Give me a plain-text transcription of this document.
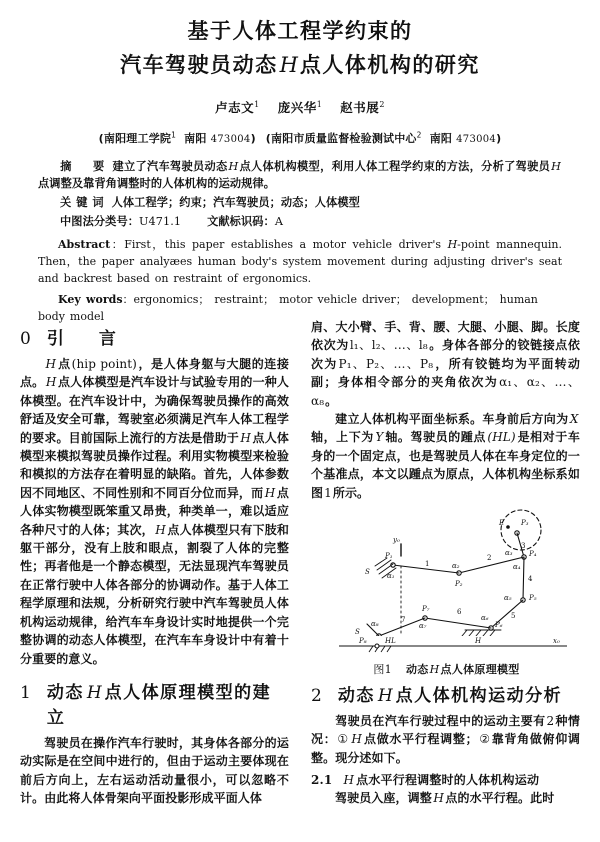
基于人体工程学约束的
汽车驾驶员动态H点人体机构的研究
卢志文$^1$ 庞兴华$^1$ 赵书展$^2$
(南阳理工学院$^1$ 南阳 473004) (南阳市质量监督检验测试中心$^2$ 南阳 473004)
摘　要 建立了汽车驾驶员动态H点人体机构模型，利用人体工程学约束的方法，分析了驾驶员H点调整及靠背角调整时的人体机构的运动规律。
关键词 人体工程学；约束；汽车驾驶员；动态；人体模型
中图法分类号：U471.1 文献标识码：A
Abstract：First，this paper establishes a motor vehicle driver's H-point mannequin. Then，the paper analyæes human body's system movement during adjusting driver's seat and backrest based on restraint of ergonomics.
Key words：ergonomics； restraint； motor vehicle driver； development； human body model
0 引　言

H 点(hip point)，是人体身躯与大腿的连接点。 H 点人体模型是汽车设计与试验专用的一种人体模型。在汽车设计中，为确保驾驶员操作的高效舒适及安全可靠，驾驶室必须满足汽车人体工程学的要求。目前国际上流行的方法是借助于 H 点人体模型来模拟驾驶员操作过程。利用实物模型来检验和模拟的方法存在着明显的缺陷。首先，人体参数因不同地区、不同性别和不同百分位而异，而 H 点人体实物模型既笨重又昂贵，种类单一，难以适应各种尺寸的人体；其次， H 点人体模型只有下肢和躯干部分，没有上肢和眼点，割裂了人体的完整性；再者他是一个静态模型，无法显现汽车驾驶员在正常行驶中人体各部分的协调动作。基于人体工程学原理和法规，分析研究行驶中汽车驾驶员人体机构运动规律，给汽车车身设计实时地提供一个完整协调的动态人体模型，在汽车车身设计中有着十分重要的意义。

1 动态 H 点人体原理模型的建立

驾驶员在操作汽车行驶时，其身体各部分的运动实际是在空间中进行的，但由于运动主要体现在前后方向上，左右运动活动量很小，可以忽略不计。由此将人体骨架向平面投影形成平面人体

肩、大小臂、手、背、腰、大腿、小腿、脚。长度依次为l₁、l₂、…、l₈。身体各部分的铰链接点依次为P₁、P₂、…、P₈，所有铰链均为平面转动副；身体相令部分的夹角依次为α₁、α₂、…、α₈。

建立人体机构平面坐标系。车身前后方向为 X轴，上下为 Y 轴。驾驶员的踵点 (HL) 是相对于车身的一个固定点，也是驾驶员人体在车身定位的一个基准点，本文以踵点为原点，人体机构坐标系如图1所示。

E P₃
3
α₃ P₄
α₄
2
P₁
S α₁
1	α₂
P₂
4
α₅ P₅
5
α₆
P₆
6
P₇
α₇
7
α₈
S
y₀
P₈	HL	H	x₀
图1 动态H点人体原理模型
2 动态 H 点人体机构运动分析

驾驶员在汽车行驶过程中的运动主要有2种情况：① H 点做水平行程调整；②靠背角做俯仰调整。现分述如下。

2.1 H 点水平行程调整时的人体机构运动

驾驶员入座，调整 H 点的水平行程。此时
